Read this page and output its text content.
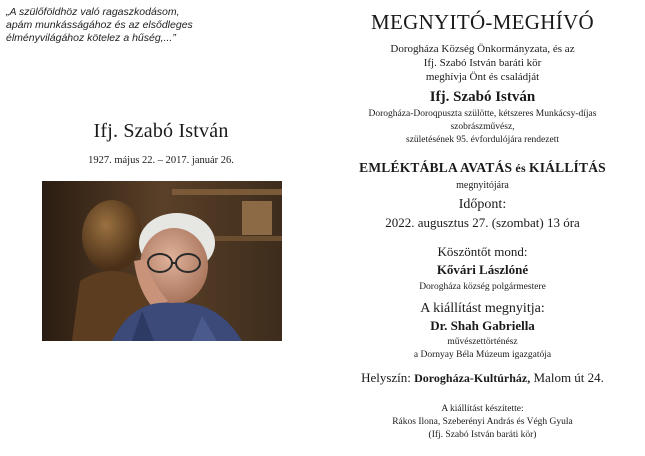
„A szülőföldhöz való ragaszkodásom,
apám munkásságához és az elsődleges
élményvilágához kötelez a hűség,...”
Ifj. Szabó István
1927. május 22. – 2017. január 26.
MEGNYITÓ-MEGHÍVÓ
Dorogháza Község Önkormányzata, és az
Ifj. Szabó István baráti kör
meghívja Önt és családját
Ifj. Szabó István
Dorogháza-Doroqpuszta szülötte, kétszeres Munkácsy-díjas
szobrászművész,
születésének 95. évfordulójára rendezett
EMLÉKTÁBLA AVATÁS és KIÁLLÍTÁS
megnyitójára
Időpont:
2022. augusztus 27. (szombat) 13 óra
Köszöntőt mond:
Kővári Lászlóné
Dorogháza község polgármestere
A kiállítást megnyitja:
Dr. Shah Gabriella
művészettörténész
a Dornyay Béla Múzeum igazgatója
Helyszín: Dorogháza-Kultúrház, Malom út 24.
A kiállítást készítette:
Rákos Ilona, Szeberényi András és Végh Gyula
(Ifj. Szabó István baráti kör)
